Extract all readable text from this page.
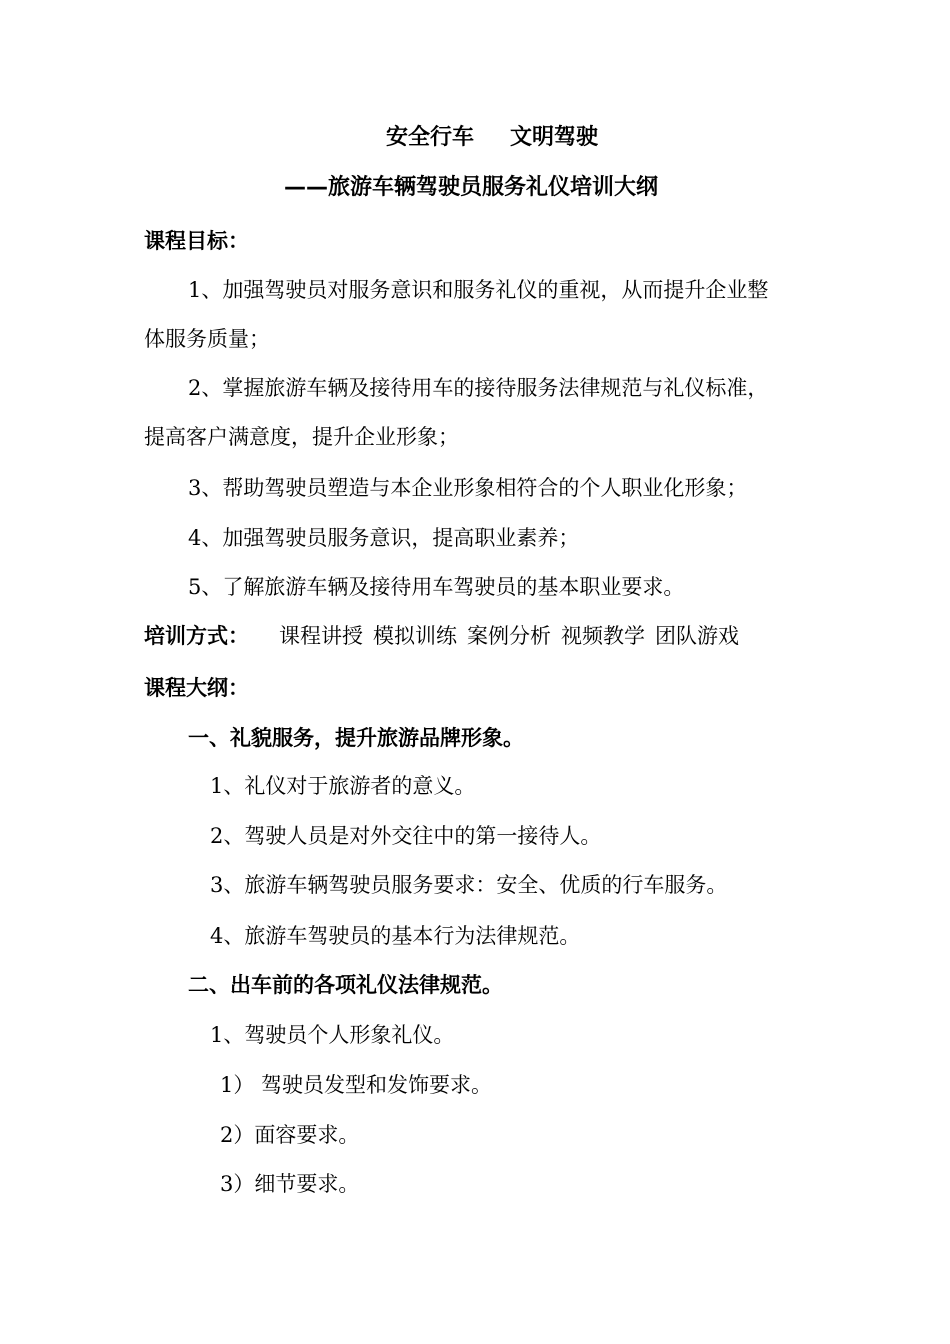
安全行车 文明驾驶
——旅游车辆驾驶员服务礼仪培训大纲
课程目标：
1、加强驾驶员对服务意识和服务礼仪的重视，从而提升企业整
体服务质量；
2、掌握旅游车辆及接待用车的接待服务法律规范与礼仪标准，
提高客户满意度，提升企业形象；
3、帮助驾驶员塑造与本企业形象相符合的个人职业化形象；
4、加强驾驶员服务意识，提高职业素养；
5、了解旅游车辆及接待用车驾驶员的基本职业要求。
培训方式： 课程讲授 模拟训练 案例分析 视频教学 团队游戏
课程大纲：
一、礼貌服务，提升旅游品牌形象。
1、礼仪对于旅游者的意义。
2、驾驶人员是对外交往中的第一接待人。
3、旅游车辆驾驶员服务要求：安全、优质的行车服务。
4、旅游车驾驶员的基本行为法律规范。
二、出车前的各项礼仪法律规范。
1、驾驶员个人形象礼仪。
1） 驾驶员发型和发饰要求。
2）面容要求。
3）细节要求。
